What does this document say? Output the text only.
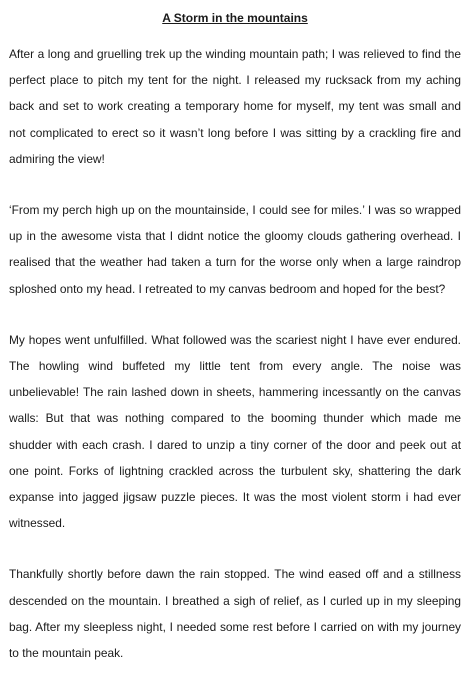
A Storm in the mountains

After a long and gruelling trek up the winding mountain path; I was relieved to find the perfect place to pitch my tent for the night. I released my rucksack from my aching back and set to work creating a temporary home for myself, my tent was small and not complicated to erect so it wasn’t long before I was sitting by a crackling fire and admiring the view!

‘From my perch high up on the mountainside, I could see for miles.’ I was so wrapped up in the awesome vista that I didnt notice the gloomy clouds gathering overhead. I realised that the weather had taken a turn for the worse only when a large raindrop sploshed onto my head. I retreated to my canvas bedroom and hoped for the best?

My hopes went unfulfilled. What followed was the scariest night I have ever endured. The howling wind buffeted my little tent from every angle. The noise was unbelievable! The rain lashed down in sheets, hammering incessantly on the canvas walls: But that was nothing compared to the booming thunder which made me shudder with each crash. I dared to unzip a tiny corner of the door and peek out at one point. Forks of lightning crackled across the turbulent sky, shattering the dark expanse into jagged jigsaw puzzle pieces. It was the most violent storm i had ever witnessed.

Thankfully shortly before dawn the rain stopped. The wind eased off and a stillness descended on the mountain. I breathed a sigh of relief, as I curled up in my sleeping bag. After my sleepless night, I needed some rest before I carried on with my journey to the mountain peak.
